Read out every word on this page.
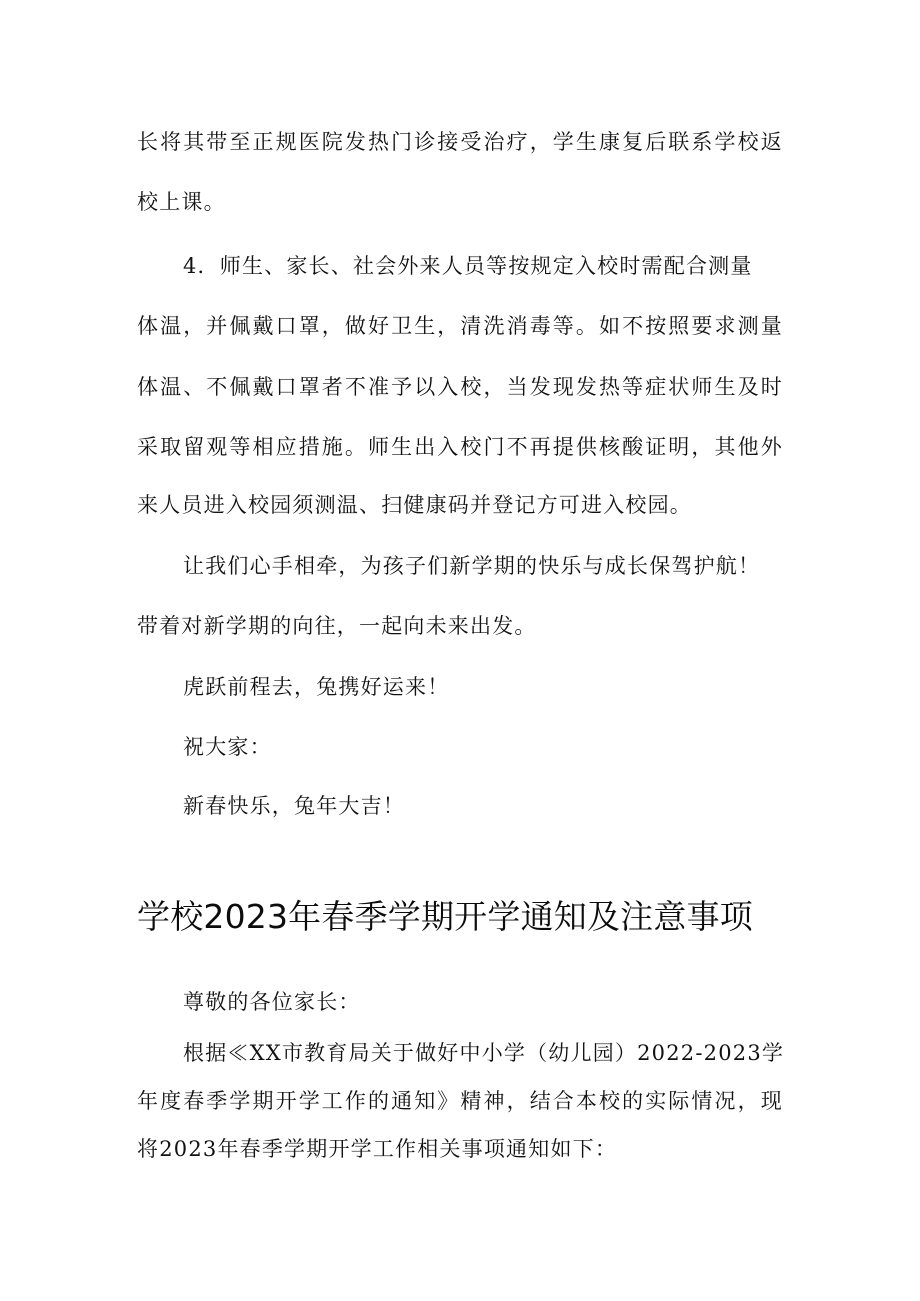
长将其带至正规医院发热门诊接受治疗，学生康复后联系学校返
校上课。
4．师生、家长、社会外来人员等按规定入校时需配合测量
体温，并佩戴口罩，做好卫生，清洗消毒等。如不按照要求测量
体温、不佩戴口罩者不准予以入校，当发现发热等症状师生及时
采取留观等相应措施。师生出入校门不再提供核酸证明，其他外
来人员进入校园须测温、扫健康码并登记方可进入校园。
让我们心手相牵，为孩子们新学期的快乐与成长保驾护航！
带着对新学期的向往，一起向未来出发。
虎跃前程去，兔携好运来！
祝大家：
新春快乐，兔年大吉！
学校2023年春季学期开学通知及注意事项
尊敬的各位家长：
根据≪XX市教育局关于做好中小学（幼儿园）2022-2023学
年度春季学期开学工作的通知》精神，结合本校的实际情况，现
将2023年春季学期开学工作相关事项通知如下：
